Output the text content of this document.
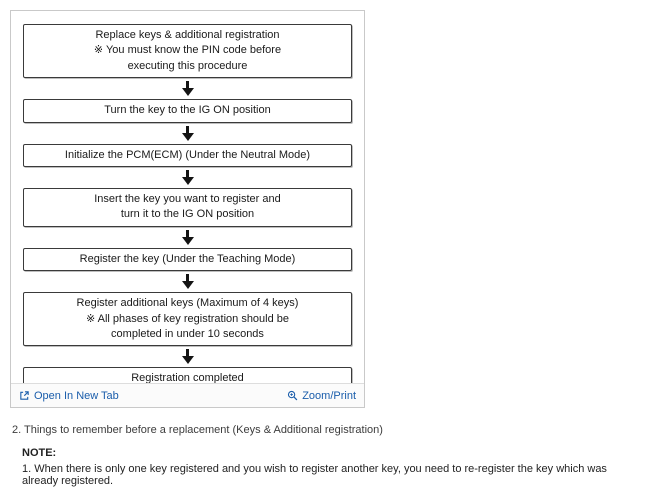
Replace keys & additional registration
※ You must know the PIN code before
executing this procedure
Turn the key to the IG ON position
Initialize the PCM(ECM) (Under the Neutral Mode)
Insert the key you want to register and
turn it to the IG ON position
Register the key (Under the Teaching Mode)
Register additional keys (Maximum of 4 keys)
※ All phases of key registration should be
completed in under 10 seconds
Registration completed
Open In New Tab	Zoom/Print
2. Things to remember before a replacement (Keys & Additional registration)
NOTE:
1. When there is only one key registered and you wish to register another key, you need to re-register the key which was already registered.
